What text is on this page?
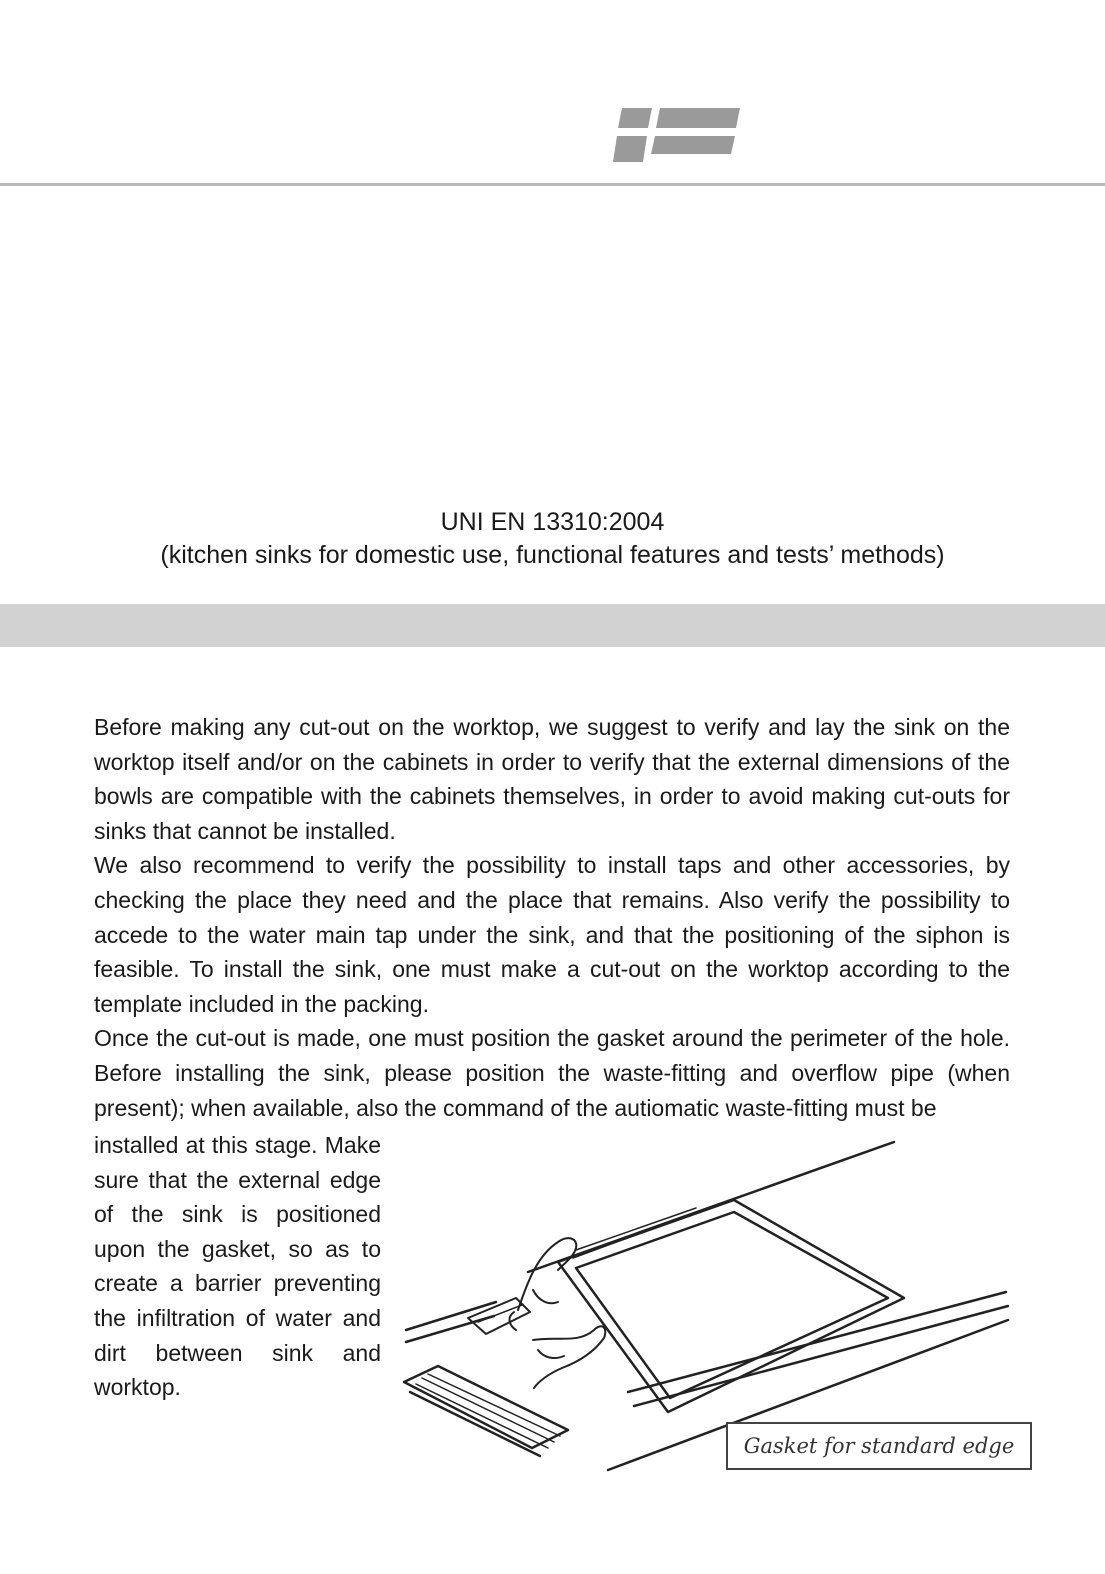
UNI EN 13310:2004
(kitchen sinks for domestic use, functional features and tests’ methods)

Before making any cut-out on the worktop, we suggest to verify and lay the sink on the worktop itself and/or on the cabinets in order to verify that the external dimensions of the bowls are compatible with the cabinets themselves, in order to avoid making cut-outs for sinks that cannot be installed.

We also recommend to verify the possibility to install taps and other accessories, by checking the place they need and the place that remains. Also verify the possibility to accede to the water main tap under the sink, and that the positioning of the siphon is feasible. To install the sink, one must make a cut-out on the worktop according to the template included in the packing.

Once the cut-out is made, one must position the gasket around the perimeter of the hole. Before installing the sink, please position the waste-fitting and overflow pipe (when present); when available, also the command of the autiomatic waste-fitting must be

installed at this stage. Make sure that the external edge of the sink is positioned upon the gasket, so as to create a barrier preventing the infiltration of water and dirt between sink and worktop.

Gasket for standard edge
